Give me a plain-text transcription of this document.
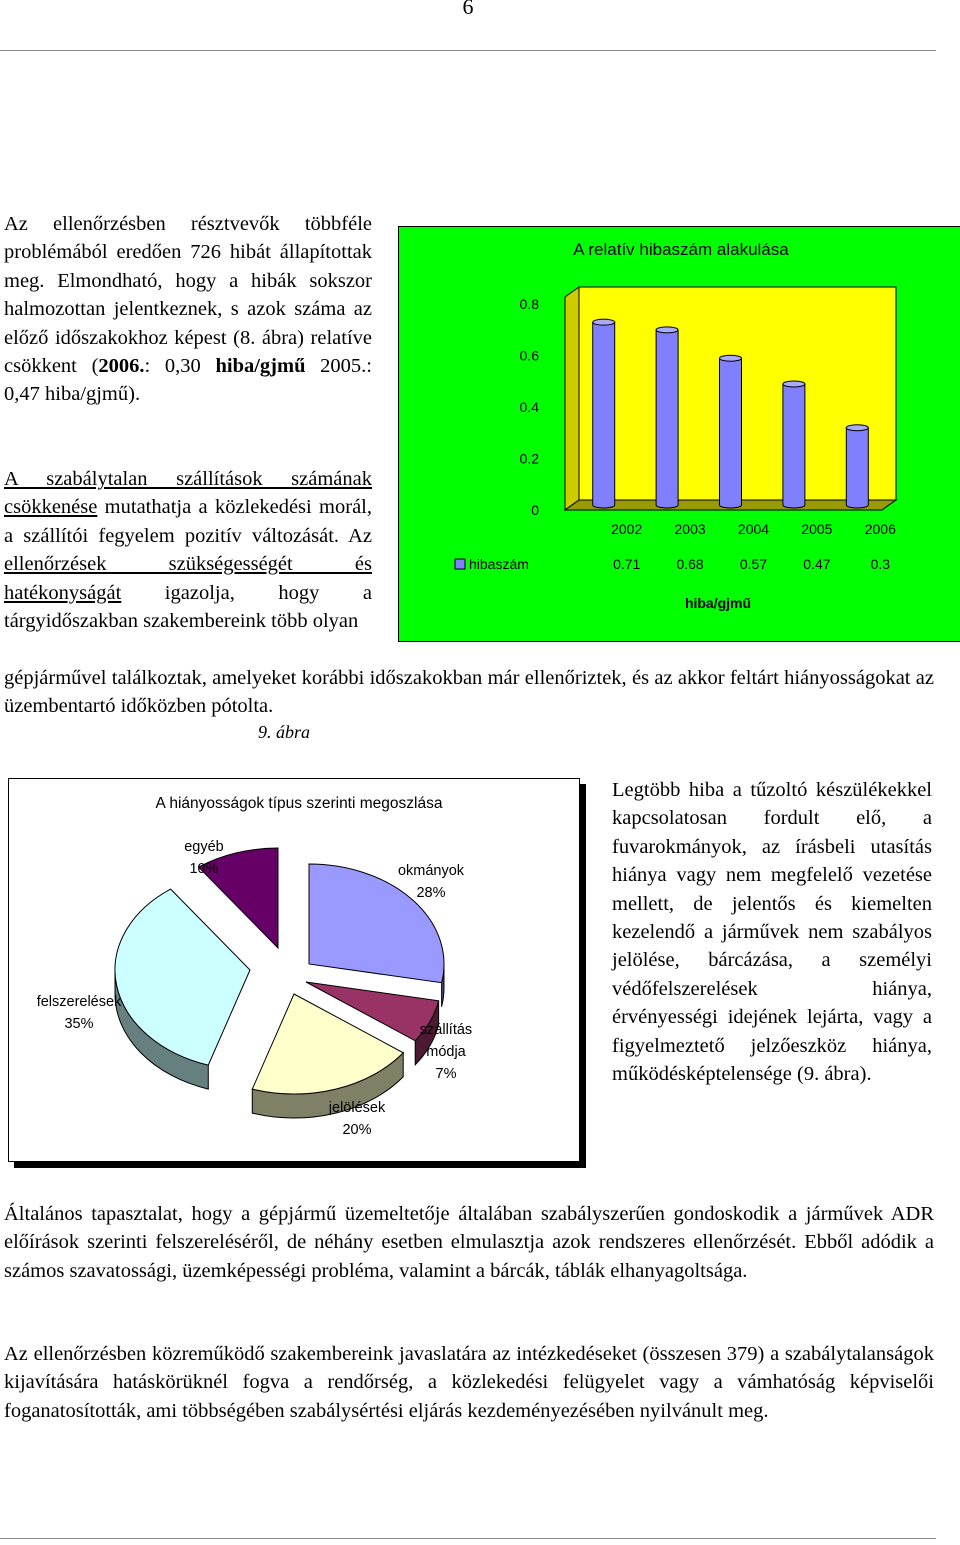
6
Az ellenőrzésben résztvevők többféle problémából eredően 726 hibát állapítottak meg. Elmondható, hogy a hibák sokszor halmozottan jelentkeznek, s azok száma az előző időszakokhoz képest (8. ábra) relatíve csökkent (2006.: 0,30 hiba/gjmű 2005.: 0,47 hiba/gjmű).
A szabálytalan szállítások számának csökkenése mutathatja a közlekedési morál, a szállítói fegyelem pozitív változását. Az ellenőrzések szükségességét és hatékonyságát igazolja, hogy a tárgyidőszakban szakembereink több olyan
gépjárművel találkoztak, amelyeket korábbi időszakokban már ellenőriztek, és az akkor feltárt hiányosságokat az üzembentartó időközben pótolta.
A relatív hibaszám alakulása
0
0.2
0.4
0.6
0.8
hibaszám
2002
0.71
2003
0.68
2004
0.57
2005
0.47
2006
0.3
hiba/gjmű
9. ábra
A hiányosságok típus szerinti megoszlása
okmányok
28%
szállítás
módja
7%
jelölések
20%
felszerelések
35%
egyéb
10%
Legtöbb hiba a tűzoltó készülékekkel kapcsolatosan fordult elő, a fuvarokmányok, az írásbeli utasítás hiánya vagy nem megfelelő vezetése mellett, de jelentős és kiemelten kezelendő a járművek nem szabályos jelölése, bárcázása, a személyi védőfelszerelések hiánya, érvényességi idejének lejárta, vagy a figyelmeztető jelzőeszköz hiánya, működésképtelensége (9. ábra).
Általános tapasztalat, hogy a gépjármű üzemeltetője általában szabályszerűen gondoskodik a járművek ADR előírások szerinti felszereléséről, de néhány esetben elmulasztja azok rendszeres ellenőrzését. Ebből adódik a számos szavatossági, üzemképességi probléma, valamint a bárcák, táblák elhanyagoltsága.
Az ellenőrzésben közreműködő szakembereink javaslatára az intézkedéseket (összesen 379) a szabálytalanságok kijavítására hatáskörüknél fogva a rendőrség, a közlekedési felügyelet vagy a vámhatóság képviselői foganatosították, ami többségében szabálysértési eljárás kezdeményezésében nyilvánult meg.
